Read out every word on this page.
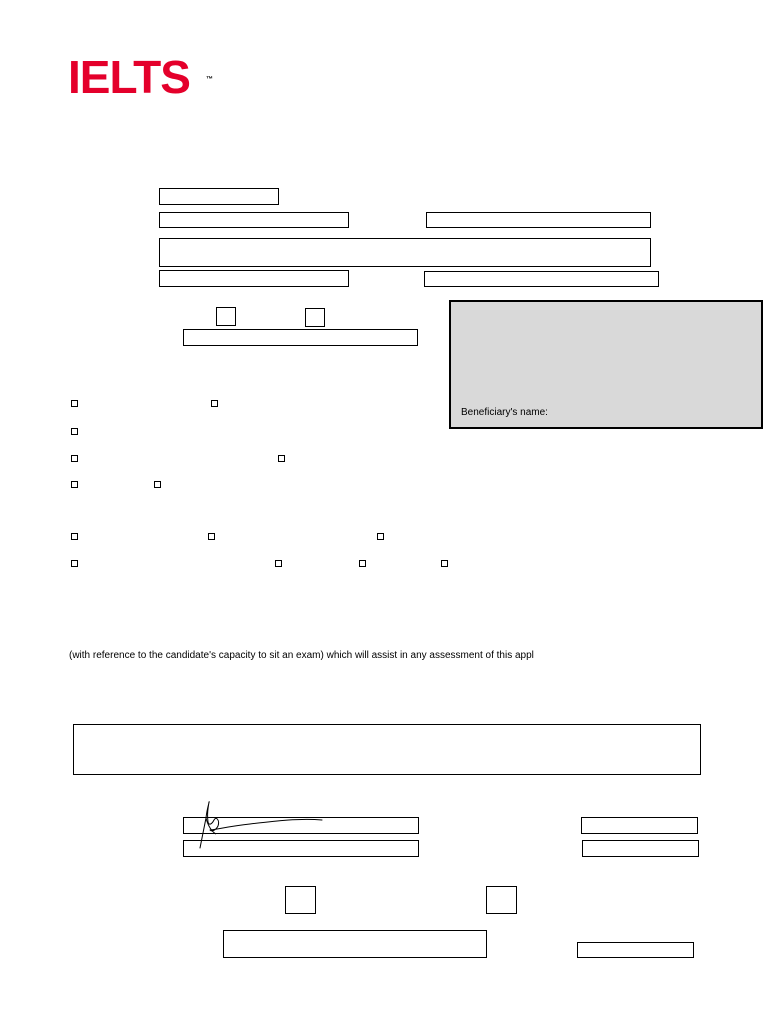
IELTS ™
Beneficiary's name:
(with reference to the candidate's capacity to sit an exam) which will assist in any assessment of this appl
